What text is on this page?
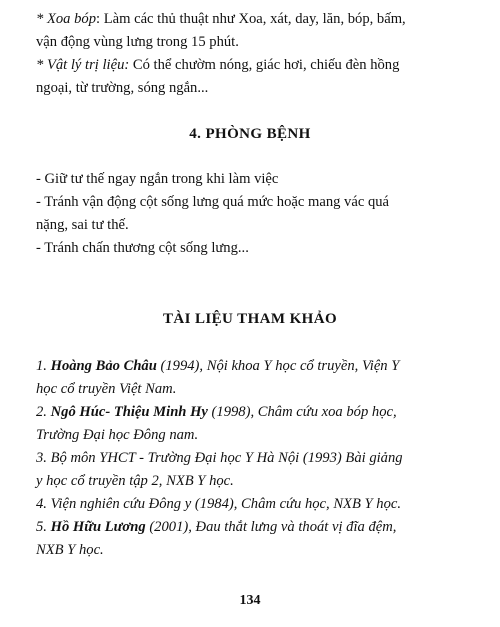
* Xoa bóp: Làm các thủ thuật như Xoa, xát, day, lăn, bóp, bấm,
vận động vùng lưng trong 15 phút.
* Vật lý trị liệu: Có thể chườm nóng, giác hơi, chiếu đèn hồng
ngoại, từ trường, sóng ngắn...
4. PHÒNG BỆNH
- Giữ tư thế ngay ngắn trong khi làm việc
- Tránh vận động cột sống lưng quá mức hoặc mang vác quá
nặng, sai tư thế.
- Tránh chấn thương cột sống lưng...
TÀI LIỆU THAM KHẢO
1. Hoàng Bảo Châu (1994), Nội khoa Y học cổ truyền, Viện Y
học cổ truyền Việt Nam.
2. Ngô Húc- Thiệu Minh Hy (1998), Châm cứu xoa bóp học,
Trường Đại học Đông nam.
3. Bộ môn YHCT - Trường Đại học Y Hà Nội (1993) Bài giảng
y học cổ truyền tập 2, NXB Y học.
4. Viện nghiên cứu Đông y (1984), Châm cứu học, NXB Y học.
5. Hồ Hữu Lương (2001), Đau thắt lưng và thoát vị đĩa đệm,
NXB Y học.
134
